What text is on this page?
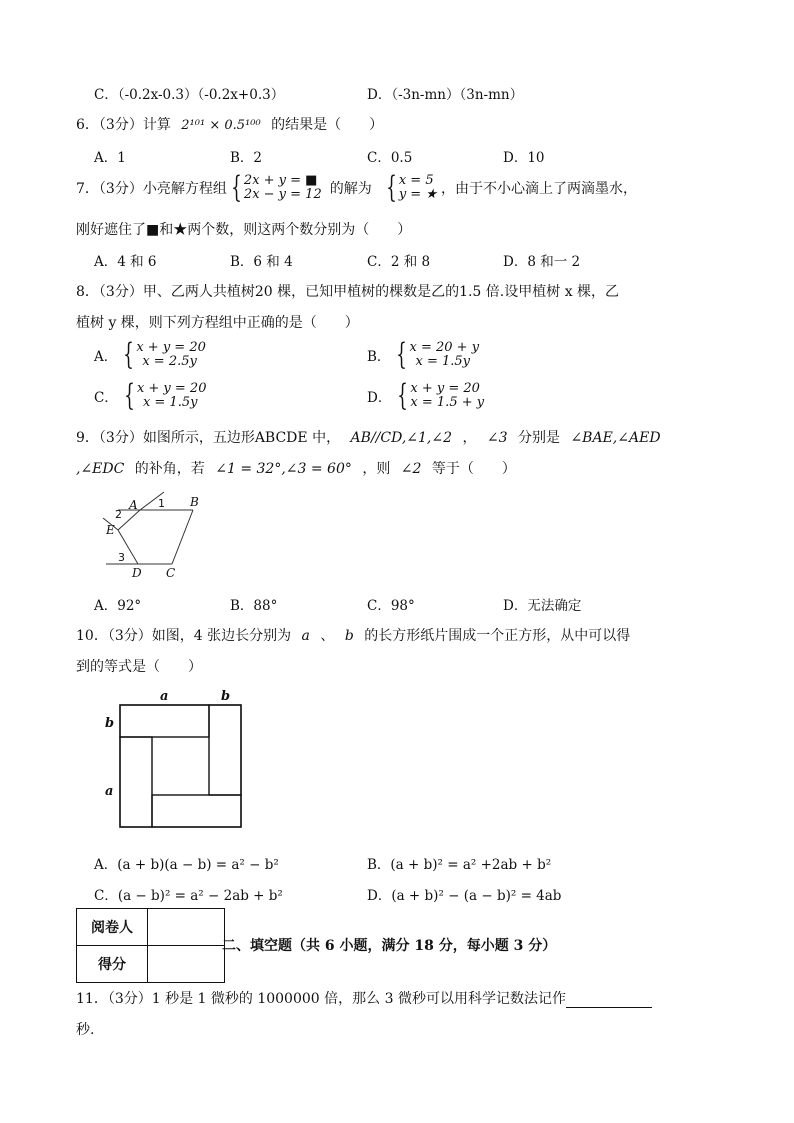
C．（-0.2x-0.3）（-0.2x+0.3）	D．（-3n-mn）（3n-mn）
6．（3分）计算 2¹⁰¹ × 0.5¹⁰⁰ 的结果是（　　）
A．1	B．2	C．0.5	D．10
7．（3分）小亮解方程组 { 2x + y = ■
2x − y = 12 的解为 { x = 5
y = ★ ，由于不小心滴上了两滴墨水，
刚好遮住了■和★两个数，则这两个数分别为（　　）
A．4 和 6	B．6 和 4	C．2 和 8	D．8 和一 2
8．（3分）甲、乙两人共植树20 棵，已知甲植树的棵数是乙的1.5 倍.设甲植树 x 棵，乙
植树 y 棵，则下列方程组中正确的是（　　）
A． { x + y = 20
x = 2.5y	B． { x = 20 + y
x = 1.5y
C． { x + y = 20
x = 1.5y	D． { x + y = 20
x = 1.5 + y
9．（3分）如图所示，五边形ABCDE 中， AB//CD,∠1,∠2 ， ∠3 分别是 ∠BAE,∠AED
,∠EDC 的补角，若 ∠1 = 32°,∠3 = 60° ，则 ∠2 等于（　　）
A	B
C
D
E
1
2
3
A．92°	B．88°	C．98°	D．无法确定
10．（3分）如图，4 张边长分别为 a 、 b 的长方形纸片围成一个正方形，从中可以得
到的等式是（　　）
a	b
b
a
A．(a + b)(a − b) = a² − b²	B．(a + b)² = a² +2ab + b²
C．(a − b)² = a² − 2ab + b²	D．(a + b)² − (a − b)² = 4ab
阅卷人	
得分	
二、填空题（共 6 小题，满分 18 分，每小题 3 分）
11．（3分）1 秒是 1 微秒的 1000000 倍，那么 3 微秒可以用科学记数法记作
秒.
